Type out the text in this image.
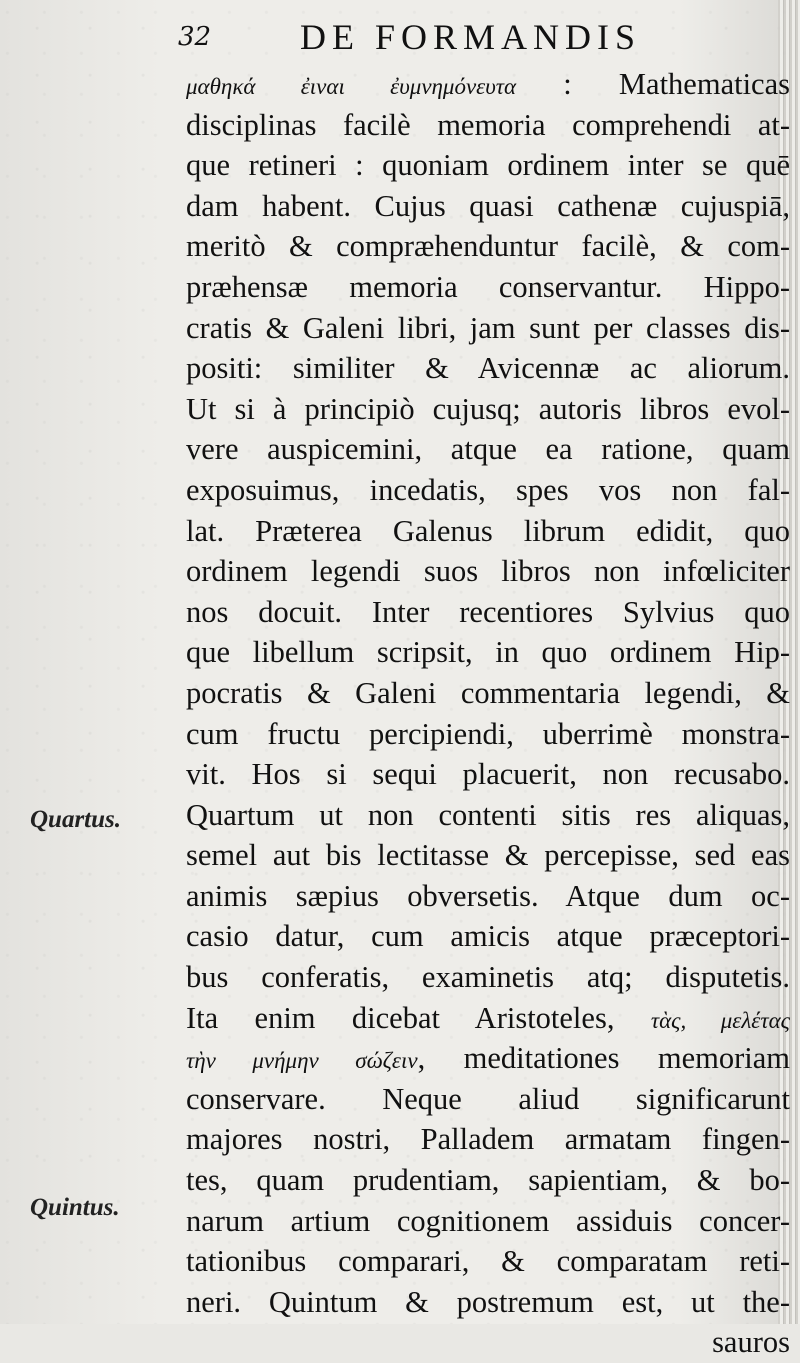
32 DE FORMANDIS
Quartus.
Quintus.
μαθηκά ἐιναι ἐυμνημόνευτα : Mathematicas
disciplinas facilè memoria comprehendi at-
que retineri : quoniam ordinem inter se quē
dam habent. Cujus quasi cathenæ cujuspiā,
meritò & compræhenduntur facilè, & com-
præhensæ memoria conservantur. Hippo-
cratis & Galeni libri, jam sunt per classes dis-
positi: similiter & Avicennæ ac aliorum.
Ut si à principiò cujusq; autoris libros evol-
vere auspicemini, atque ea ratione, quam
exposuimus, incedatis, spes vos non fal-
lat. Præterea Galenus librum edidit, quo
ordinem legendi suos libros non infœliciter
nos docuit. Inter recentiores Sylvius quo
que libellum scripsit, in quo ordinem Hip-
pocratis & Galeni commentaria legendi, &
cum fructu percipiendi, uberrimè monstra-
vit. Hos si sequi placuerit, non recusabo.
Quartum ut non contenti sitis res aliquas,
semel aut bis lectitasse & percepisse, sed eas
animis sæpius obversetis. Atque dum oc-
casio datur, cum amicis atque præceptori-
bus conferatis, examinetis atq; disputetis.
Ita enim dicebat Aristoteles, τὰς, μελέτας
τὴν μνήμην σώζειν, meditationes memoriam
conservare. Neque aliud significarunt
majores nostri, Palladem armatam fingen-
tes, quam prudentiam, sapientiam, & bo-
narum artium cognitionem assiduis concer-
tationibus comparari, & comparatam reti-
neri. Quintum & postremum est, ut the-
sauros
